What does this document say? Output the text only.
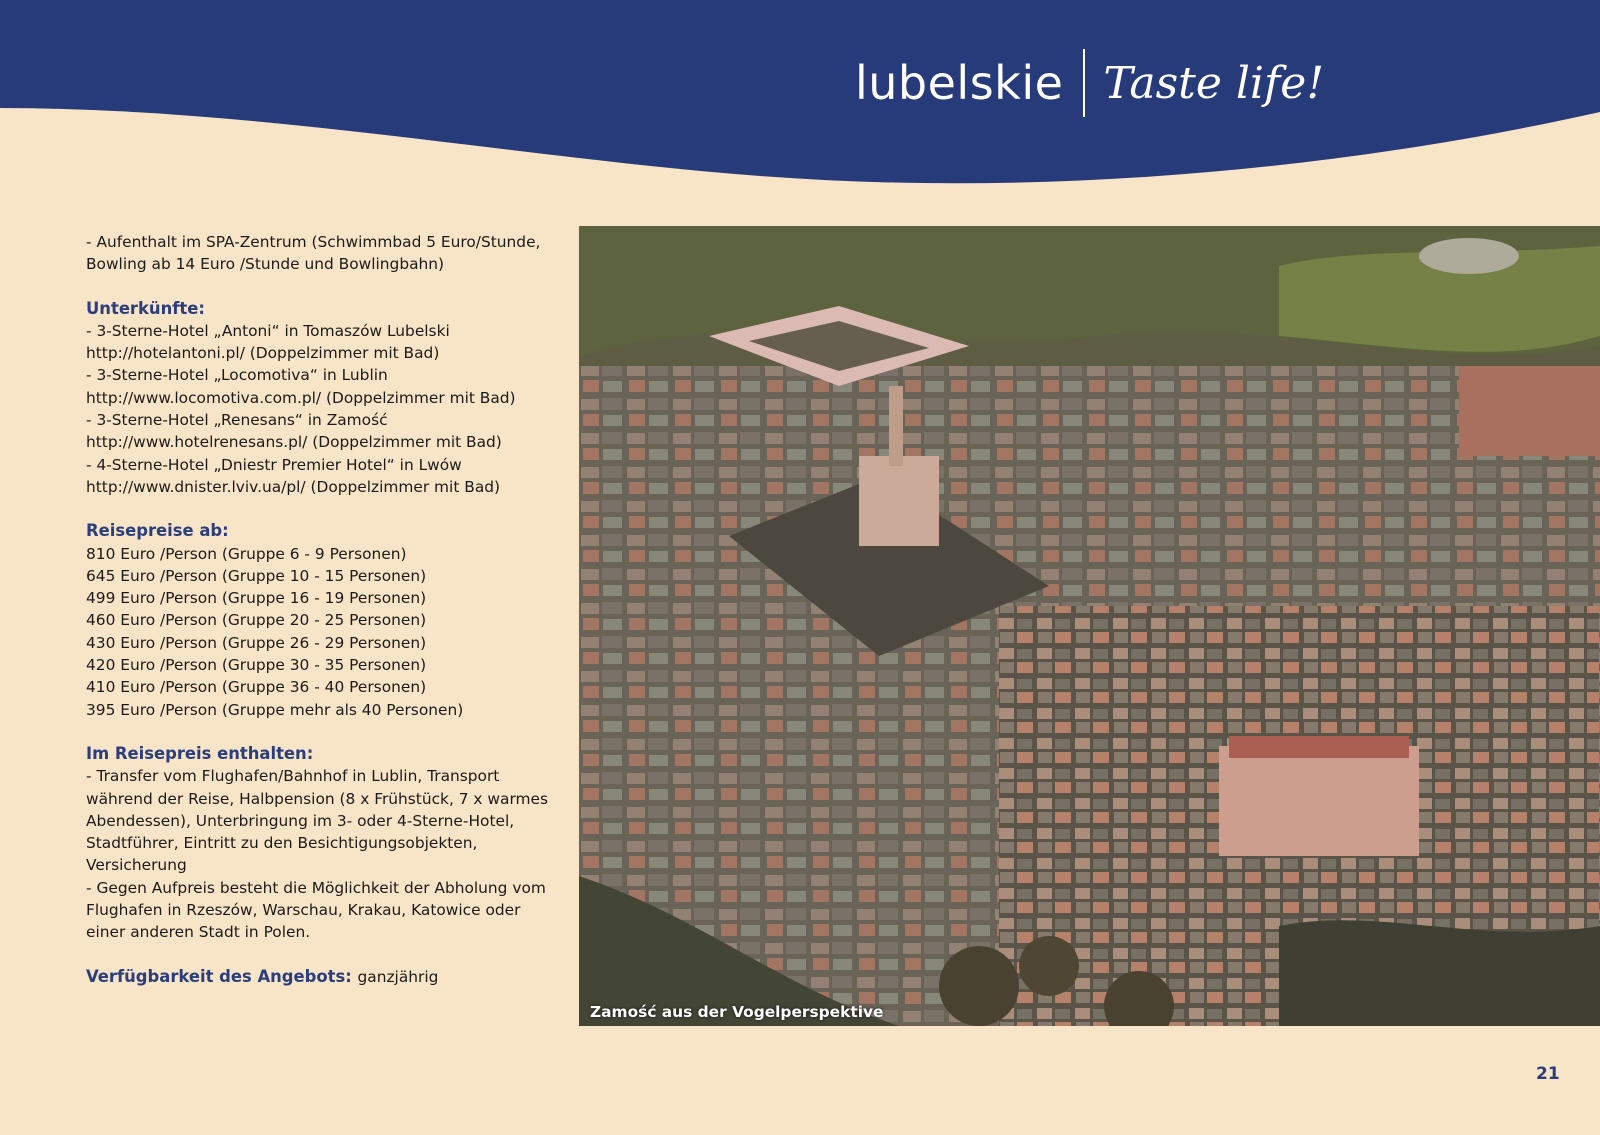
lubelskie Taste life!

- Aufenthalt im SPA-Zentrum (Schwimmbad 5 Euro/Stunde,

Bowling ab 14 Euro /Stunde und Bowlingbahn)

Unterkünfte:

- 3-Sterne-Hotel „Antoni“ in Tomaszów Lubelski

http://hotelantoni.pl/ (Doppelzimmer mit Bad)

- 3-Sterne-Hotel „Locomotiva“ in Lublin

http://www.locomotiva.com.pl/ (Doppelzimmer mit Bad)

- 3-Sterne-Hotel „Renesans“ in Zamość

http://www.hotelrenesans.pl/ (Doppelzimmer mit Bad)

- 4-Sterne-Hotel „Dniestr Premier Hotel“ in Lwów

http://www.dnister.lviv.ua/pl/ (Doppelzimmer mit Bad)

Reisepreise ab:

810 Euro /Person (Gruppe 6 - 9 Personen)

645 Euro /Person (Gruppe 10 - 15 Personen)

499 Euro /Person (Gruppe 16 - 19 Personen)

460 Euro /Person (Gruppe 20 - 25 Personen)

430 Euro /Person (Gruppe 26 - 29 Personen)

420 Euro /Person (Gruppe 30 - 35 Personen)

410 Euro /Person (Gruppe 36 - 40 Personen)

395 Euro /Person (Gruppe mehr als 40 Personen)

Im Reisepreis enthalten:

- Transfer vom Flughafen/Bahnhof in Lublin, Transport

während der Reise, Halbpension (8 x Frühstück, 7 x warmes

Abendessen), Unterbringung im 3- oder 4-Sterne-Hotel,

Stadtführer, Eintritt zu den Besichtigungsobjekten,

Versicherung

- Gegen Aufpreis besteht die Möglichkeit der Abholung vom

Flughafen in Rzeszów, Warschau, Krakau, Katowice oder

einer anderen Stadt in Polen.

Verfügbarkeit des Angebots: ganzjährig

Zamość aus der Vogelperspektive
21
